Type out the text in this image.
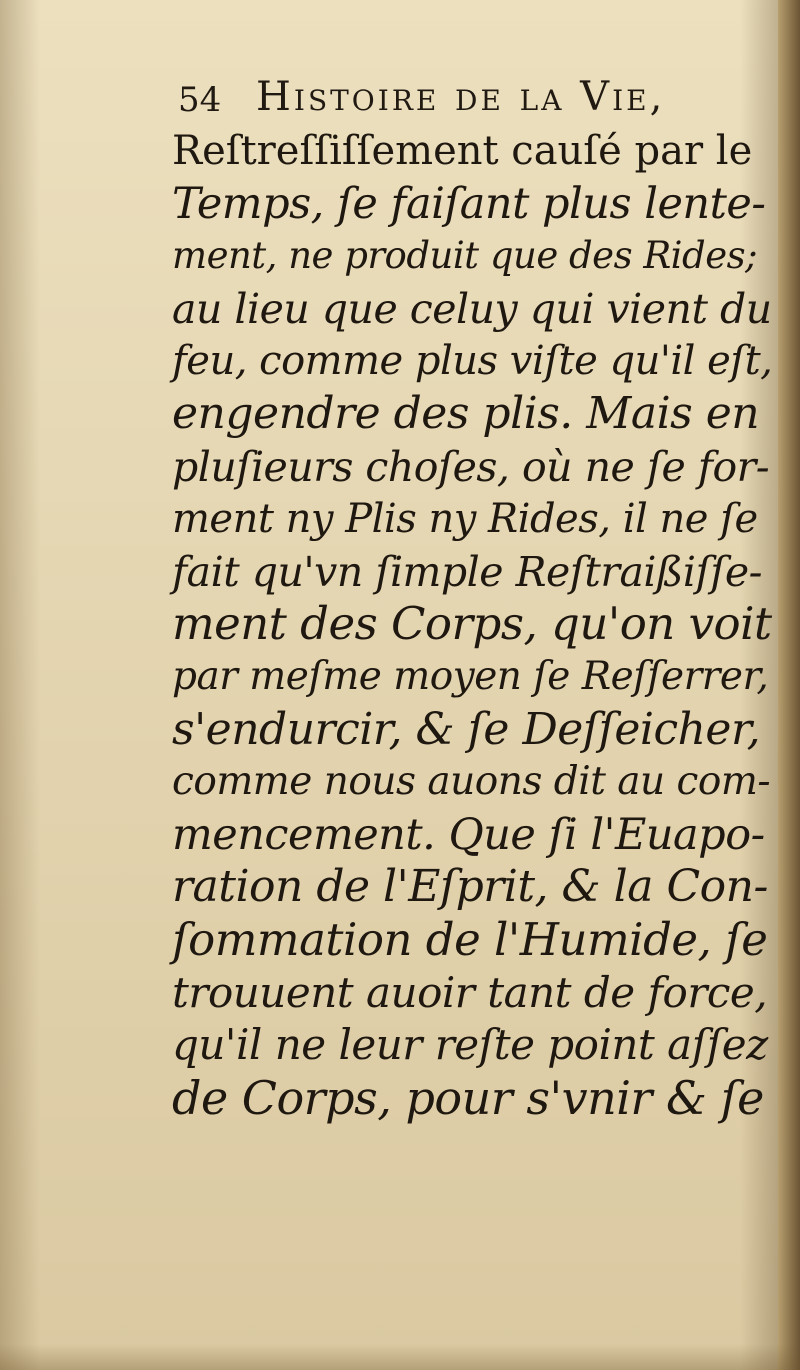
54 Histoire de la Vie,
Reſtreſſiſſement cauſé par le
Temps, ſe faiſant plus lente-
ment, ne produit que des Rides;
au lieu que celuy qui vient du
feu, comme plus viſte qu'il eſt,
engendre des plis. Mais en
pluſieurs choſes, où ne ſe for-
ment ny Plis ny Rides, il ne ſe
fait qu'vn ſimple Reſtraißiſſe-
ment des Corps, qu'on voit
par meſme moyen ſe Reſſerrer,
s'endurcir, & ſe Deſſeicher,
comme nous auons dit au com-
mencement. Que ſi l'Euapo-
ration de l'Eſprit, & la Con-
ſommation de l'Humide, ſe
trouuent auoir tant de force,
qu'il ne leur reſte point aſſez
de Corps, pour s'vnir & ſe
